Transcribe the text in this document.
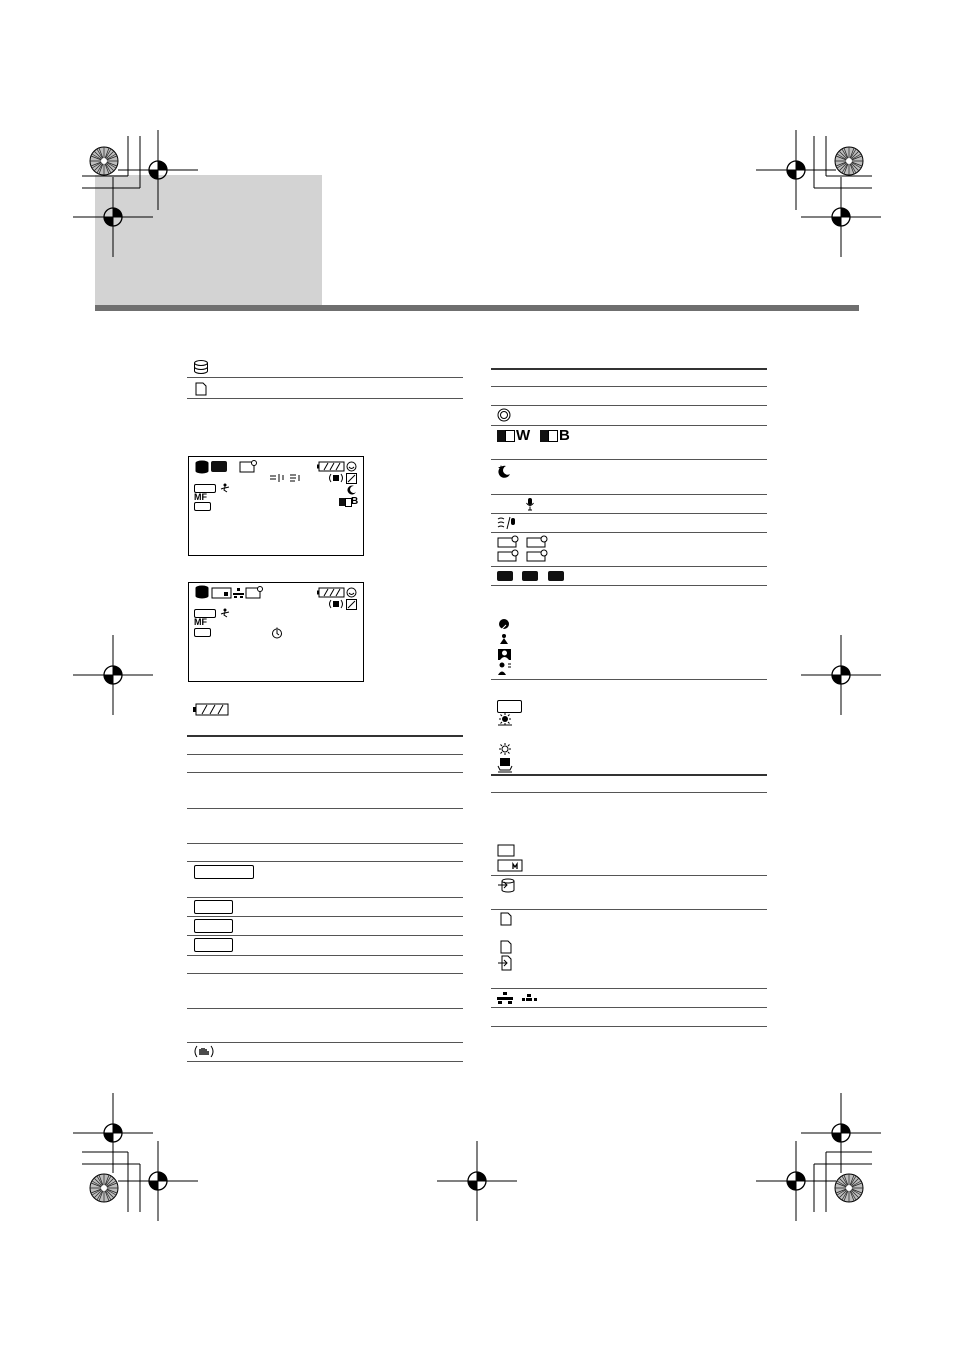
MF	B
MF
W B
